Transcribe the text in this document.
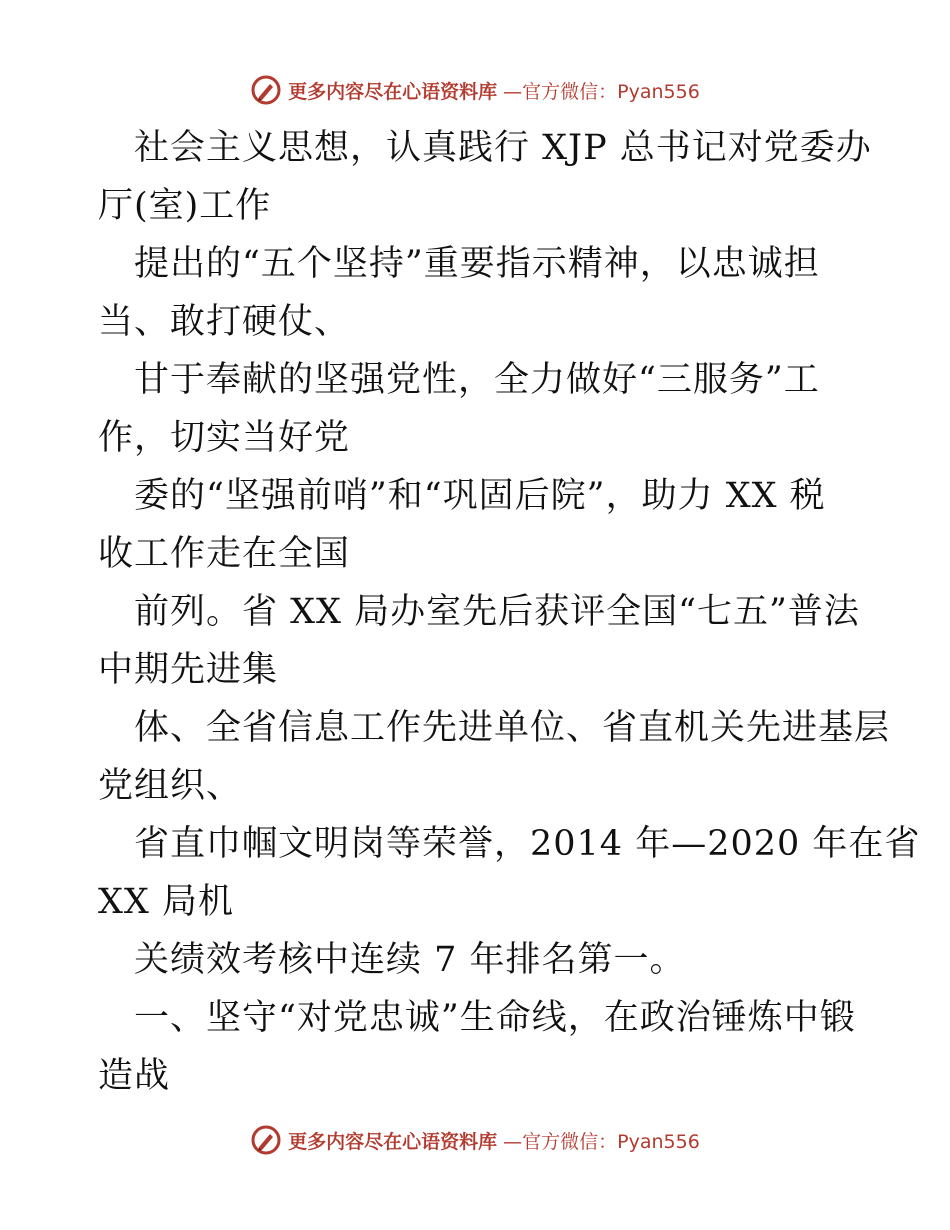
更多内容尽在心语资料库 —官方微信：Pyan556
社会主义思想，认真践行 XJP 总书记对党委办
厅(室)工作
提出的“五个坚持”重要指示精神，以忠诚担
当、敢打硬仗、
甘于奉献的坚强党性，全力做好“三服务”工
作，切实当好党
委的“坚强前哨”和“巩固后院”，助力 XX 税
收工作走在全国
前列。省 XX 局办室先后获评全国“七五”普法
中期先进集
体、全省信息工作先进单位、省直机关先进基层
党组织、
省直巾帼文明岗等荣誉，2014 年—2020 年在省
XX 局机
关绩效考核中连续 7 年排名第一。
一、坚守“对党忠诚”生命线，在政治锤炼中锻
造战
更多内容尽在心语资料库 —官方微信：Pyan556
